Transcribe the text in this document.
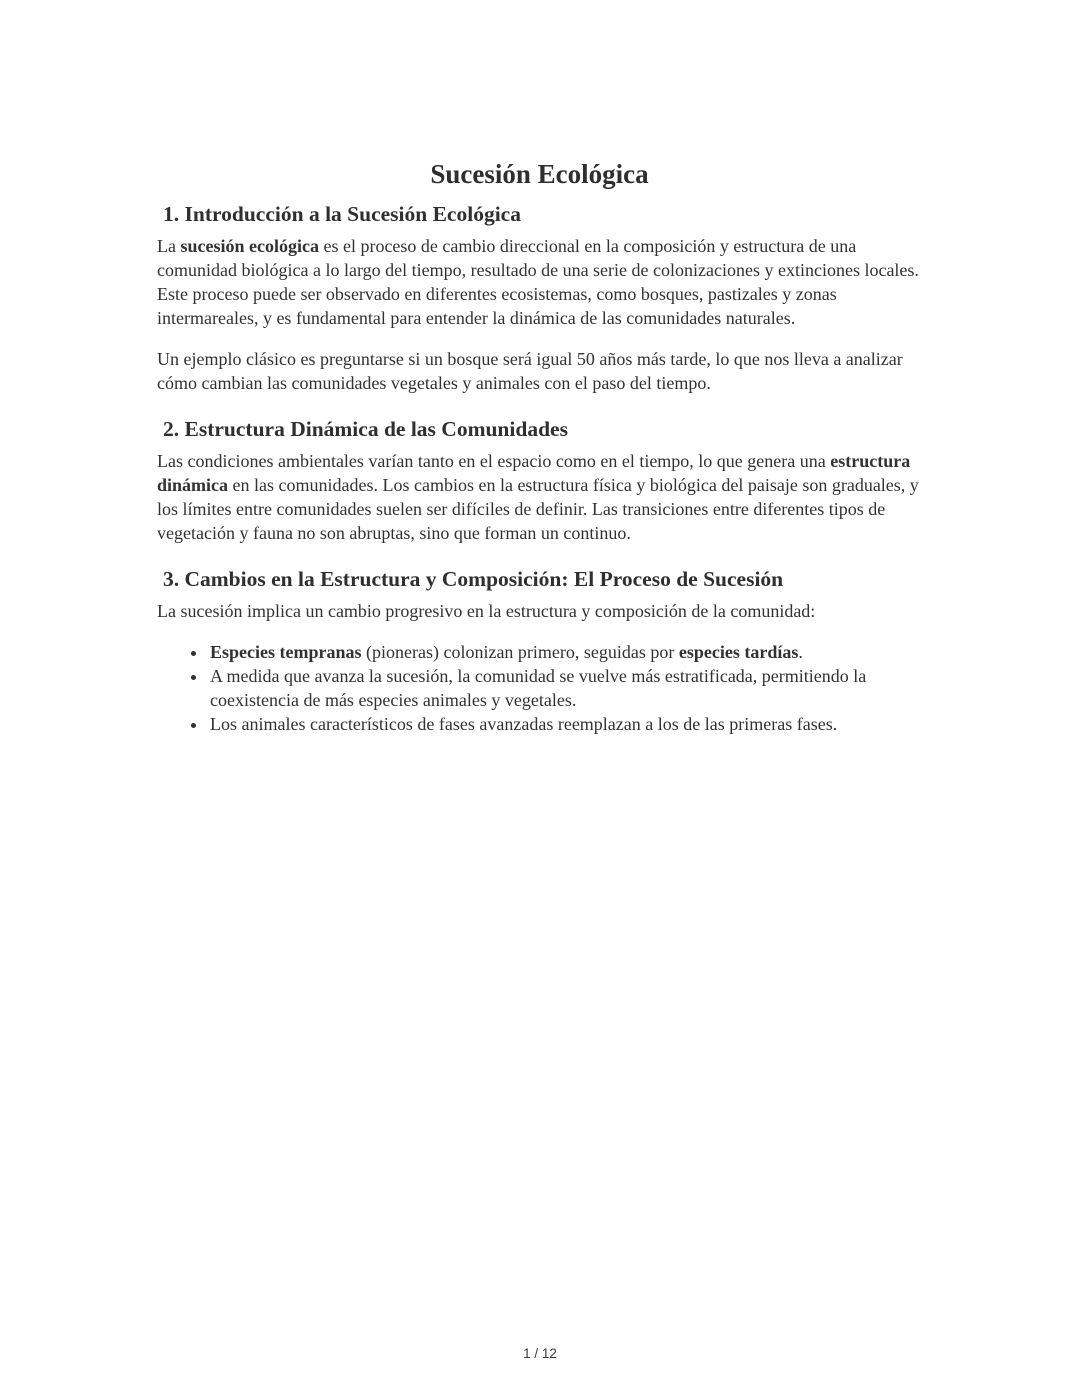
Sucesión Ecológica
1. Introducción a la Sucesión Ecológica

La sucesión ecológica es el proceso de cambio direccional en la composición y estructura de una comunidad biológica a lo largo del tiempo, resultado de una serie de colonizaciones y extinciones locales. Este proceso puede ser observado en diferentes ecosistemas, como bosques, pastizales y zonas intermareales, y es fundamental para entender la dinámica de las comunidades naturales.

Un ejemplo clásico es preguntarse si un bosque será igual 50 años más tarde, lo que nos lleva a analizar cómo cambian las comunidades vegetales y animales con el paso del tiempo.

2. Estructura Dinámica de las Comunidades

Las condiciones ambientales varían tanto en el espacio como en el tiempo, lo que genera una estructura dinámica en las comunidades. Los cambios en la estructura física y biológica del paisaje son graduales, y los límites entre comunidades suelen ser difíciles de definir. Las transiciones entre diferentes tipos de vegetación y fauna no son abruptas, sino que forman un continuo.

3. Cambios en la Estructura y Composición: El Proceso de Sucesión

La sucesión implica un cambio progresivo en la estructura y composición de la comunidad:

• Especies tempranas (pioneras) colonizan primero, seguidas por especies tardías.
• A medida que avanza la sucesión, la comunidad se vuelve más estratificada, permitiendo la coexistencia de más especies animales y vegetales.
• Los animales característicos de fases avanzadas reemplazan a los de las primeras fases.
1 / 12
